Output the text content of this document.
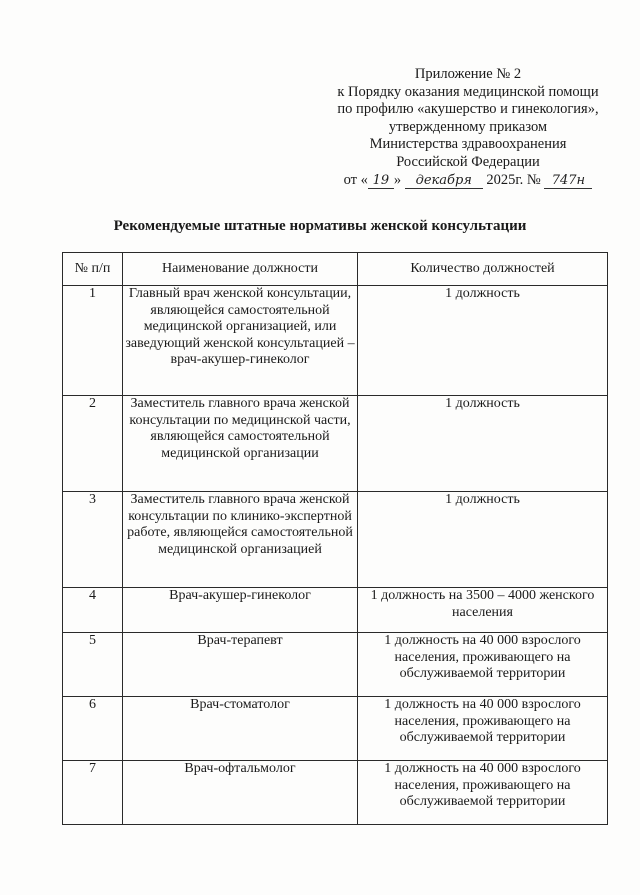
Приложение № 2
к Порядку оказания медицинской помощи
по профилю «акушерство и гинекология»,
утвержденному приказом
Министерства здравоохранения
Российской Федерации
от « 19 » декабря 2025г. № 747н
Рекомендуемые штатные нормативы женской консультации
№ п/п	Наименование должности	Количество должностей
1	Главный врач женской консультации, являющейся самостоятельной медицинской организацией, или заведующий женской консультацией – врач-акушер-гинеколог	1 должность
2	Заместитель главного врача женской консультации по медицинской части, являющейся самостоятельной медицинской организации	1 должность
3	Заместитель главного врача женской консультации по клинико-экспертной работе, являющейся самостоятельной медицинской организацией	1 должность
4	Врач-акушер-гинеколог	1 должность на 3500 – 4000 женского населения
5	Врач-терапевт	1 должность на 40 000 взрослого населения, проживающего на обслуживаемой территории
6	Врач-стоматолог	1 должность на 40 000 взрослого населения, проживающего на обслуживаемой территории
7	Врач-офтальмолог	1 должность на 40 000 взрослого населения, проживающего на обслуживаемой территории
